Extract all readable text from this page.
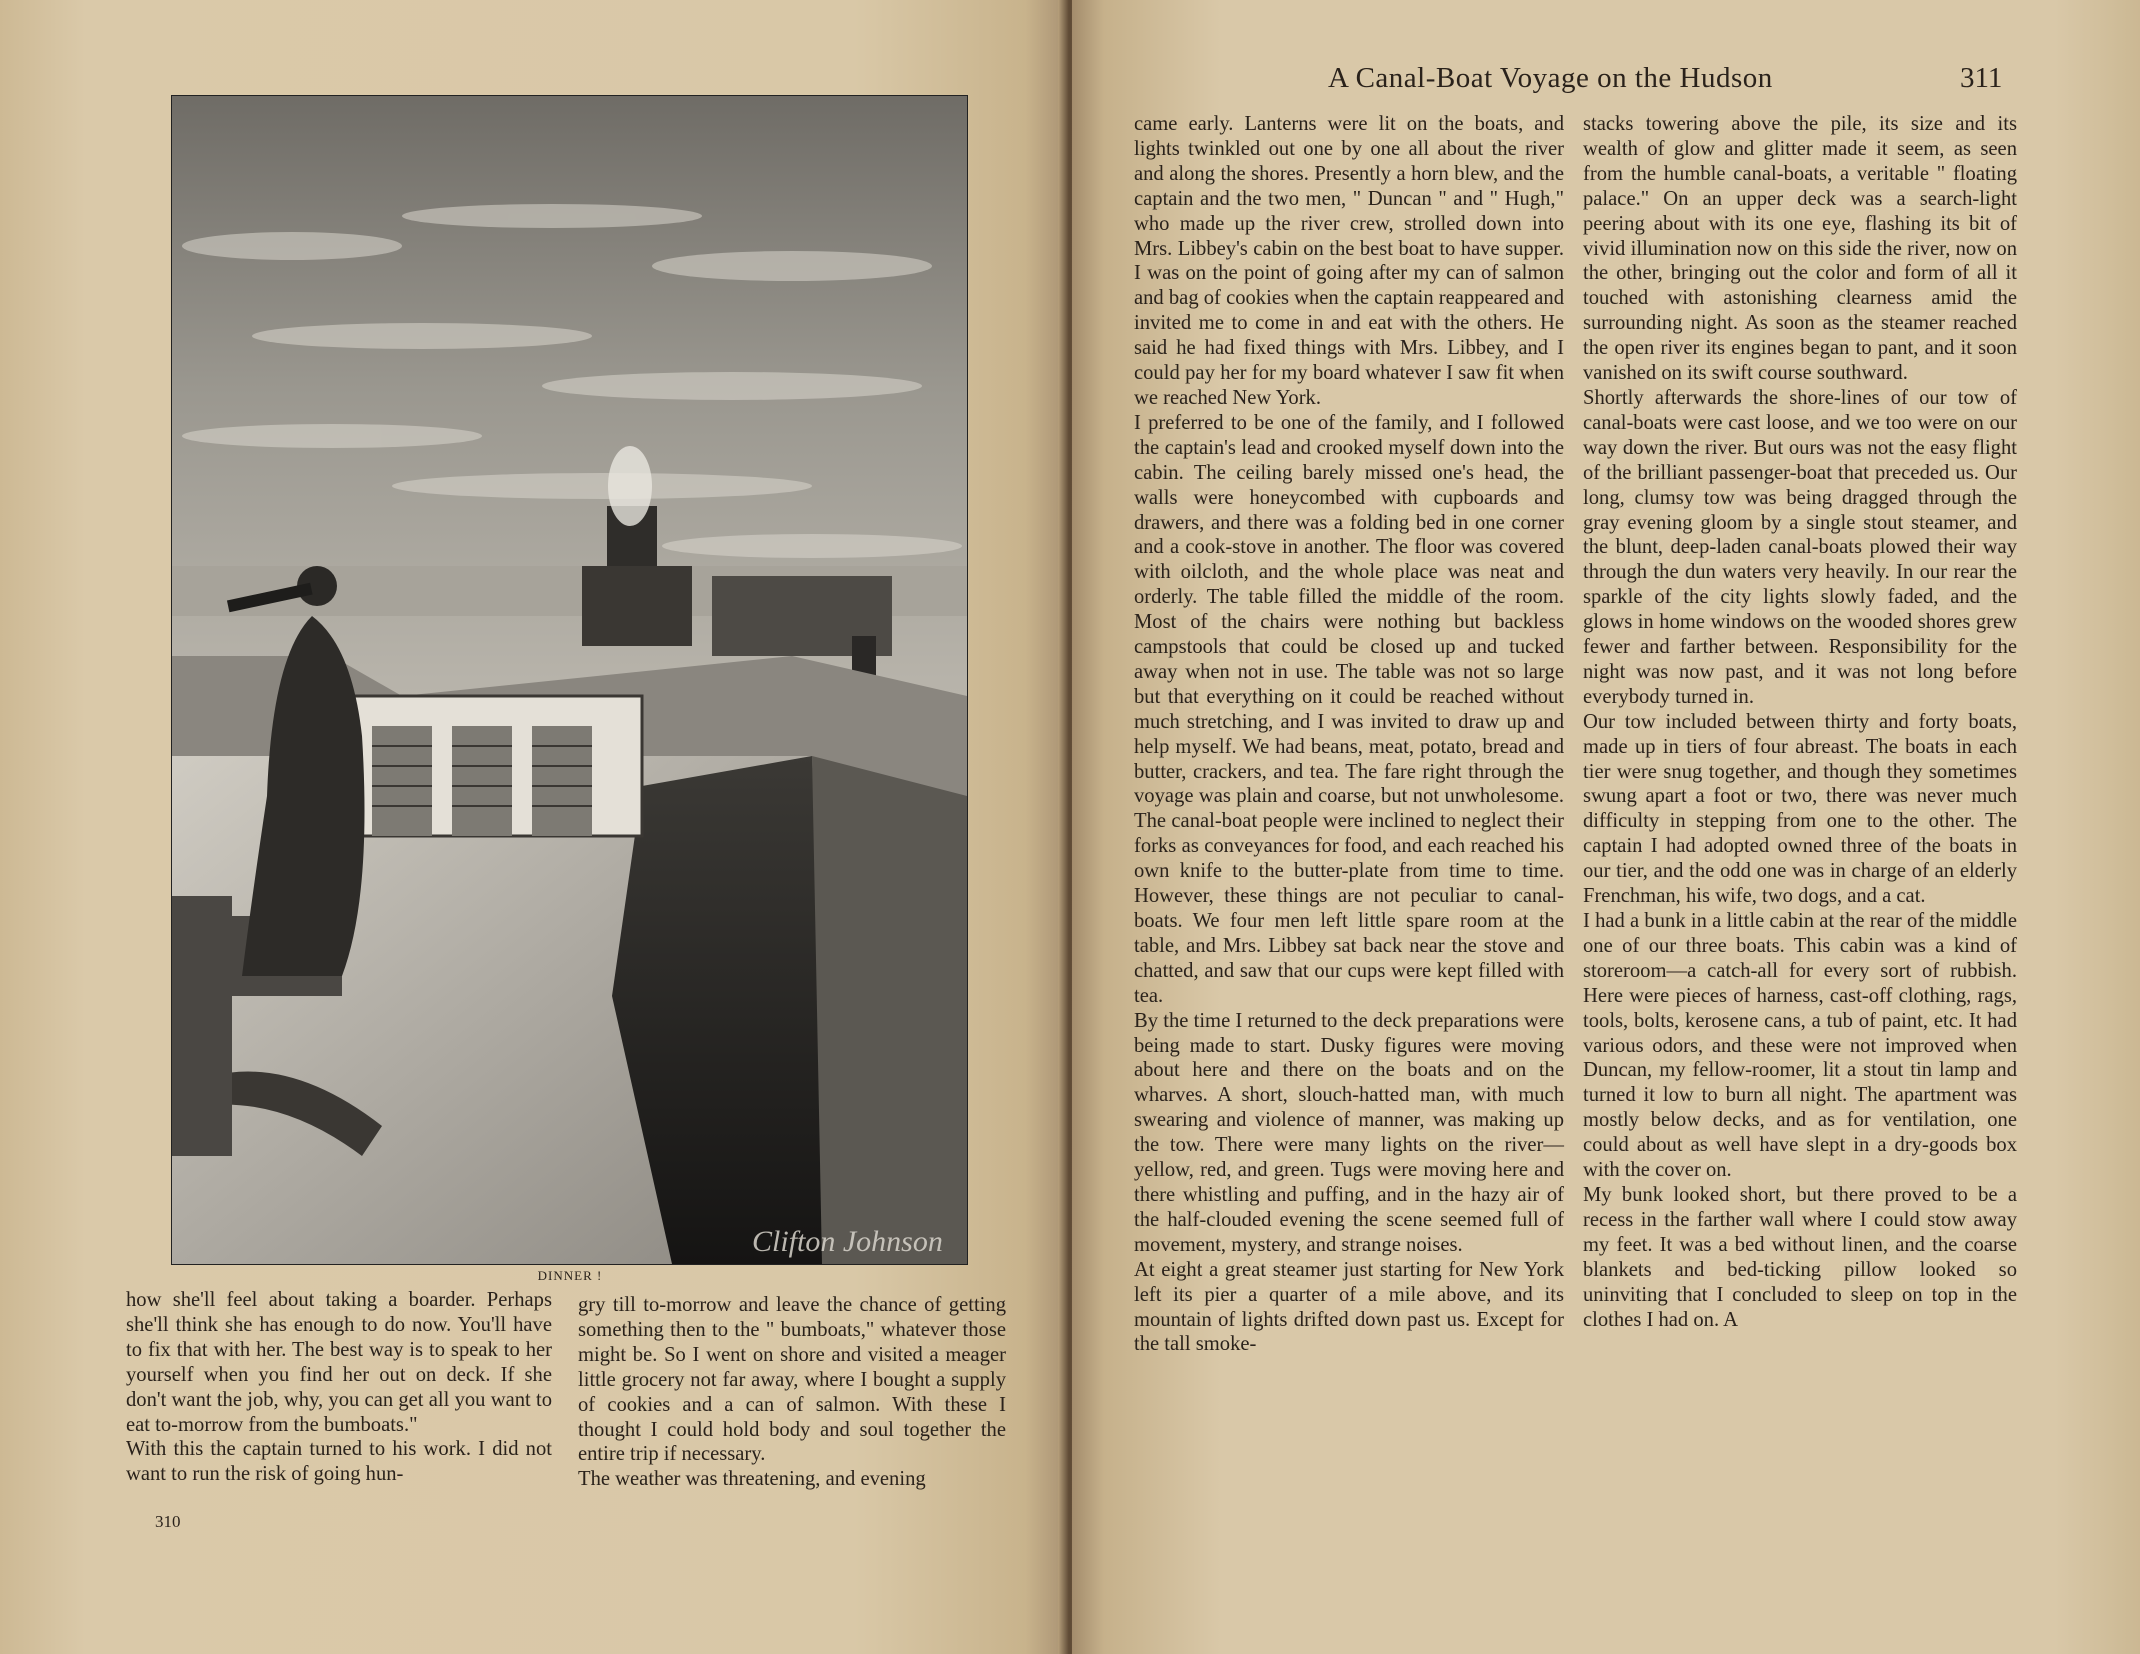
Clifton Johnson
DINNER !
how she'll feel about taking a boarder. Perhaps she'll think she has enough to do now. You'll have to fix that with her. The best way is to speak to her yourself when you find her out on deck. If she don't want the job, why, you can get all you want to eat to-morrow from the bumboats."
With this the captain turned to his work. I did not want to run the risk of going hun-
gry till to-morrow and leave the chance of getting something then to the " bumboats," whatever those might be. So I went on shore and visited a meager little grocery not far away, where I bought a supply of cookies and a can of salmon. With these I thought I could hold body and soul together the entire trip if necessary.
The weather was threatening, and evening
310
A Canal-Boat Voyage on the Hudson	311
came early. Lanterns were lit on the boats, and lights twinkled out one by one all about the river and along the shores. Presently a horn blew, and the captain and the two men, " Duncan " and " Hugh," who made up the river crew, strolled down into Mrs. Libbey's cabin on the best boat to have supper. I was on the point of going after my can of salmon and bag of cookies when the captain reappeared and invited me to come in and eat with the others. He said he had fixed things with Mrs. Libbey, and I could pay her for my board whatever I saw fit when we reached New York.
I preferred to be one of the family, and I followed the captain's lead and crooked myself down into the cabin. The ceiling barely missed one's head, the walls were honeycombed with cupboards and drawers, and there was a folding bed in one corner and a cook-stove in another. The floor was covered with oilcloth, and the whole place was neat and orderly. The table filled the middle of the room. Most of the chairs were nothing but backless campstools that could be closed up and tucked away when not in use. The table was not so large but that everything on it could be reached without much stretching, and I was invited to draw up and help myself. We had beans, meat, potato, bread and butter, crackers, and tea. The fare right through the voyage was plain and coarse, but not unwholesome. The canal-boat people were inclined to neglect their forks as conveyances for food, and each reached his own knife to the butter-plate from time to time. However, these things are not peculiar to canal-boats. We four men left little spare room at the table, and Mrs. Libbey sat back near the stove and chatted, and saw that our cups were kept filled with tea.
By the time I returned to the deck preparations were being made to start. Dusky figures were moving about here and there on the boats and on the wharves. A short, slouch-hatted man, with much swearing and violence of manner, was making up the tow. There were many lights on the river—yellow, red, and green. Tugs were moving here and there whistling and puffing, and in the hazy air of the half-clouded evening the scene seemed full of movement, mystery, and strange noises.
At eight a great steamer just starting for New York left its pier a quarter of a mile above, and its mountain of lights drifted down past us. Except for the tall smoke-
stacks towering above the pile, its size and its wealth of glow and glitter made it seem, as seen from the humble canal-boats, a veritable " floating palace." On an upper deck was a search-light peering about with its one eye, flashing its bit of vivid illumination now on this side the river, now on the other, bringing out the color and form of all it touched with astonishing clearness amid the surrounding night. As soon as the steamer reached the open river its engines began to pant, and it soon vanished on its swift course southward.
Shortly afterwards the shore-lines of our tow of canal-boats were cast loose, and we too were on our way down the river. But ours was not the easy flight of the brilliant passenger-boat that preceded us. Our long, clumsy tow was being dragged through the gray evening gloom by a single stout steamer, and the blunt, deep-laden canal-boats plowed their way through the dun waters very heavily. In our rear the sparkle of the city lights slowly faded, and the glows in home windows on the wooded shores grew fewer and farther between. Responsibility for the night was now past, and it was not long before everybody turned in.
Our tow included between thirty and forty boats, made up in tiers of four abreast. The boats in each tier were snug together, and though they sometimes swung apart a foot or two, there was never much difficulty in stepping from one to the other. The captain I had adopted owned three of the boats in our tier, and the odd one was in charge of an elderly Frenchman, his wife, two dogs, and a cat.
I had a bunk in a little cabin at the rear of the middle one of our three boats. This cabin was a kind of storeroom—a catch-all for every sort of rubbish. Here were pieces of harness, cast-off clothing, rags, tools, bolts, kerosene cans, a tub of paint, etc. It had various odors, and these were not improved when Duncan, my fellow-roomer, lit a stout tin lamp and turned it low to burn all night. The apartment was mostly below decks, and as for ventilation, one could about as well have slept in a dry-goods box with the cover on.
My bunk looked short, but there proved to be a recess in the farther wall where I could stow away my feet. It was a bed without linen, and the coarse blankets and bed-ticking pillow looked so uninviting that I concluded to sleep on top in the clothes I had on. A
